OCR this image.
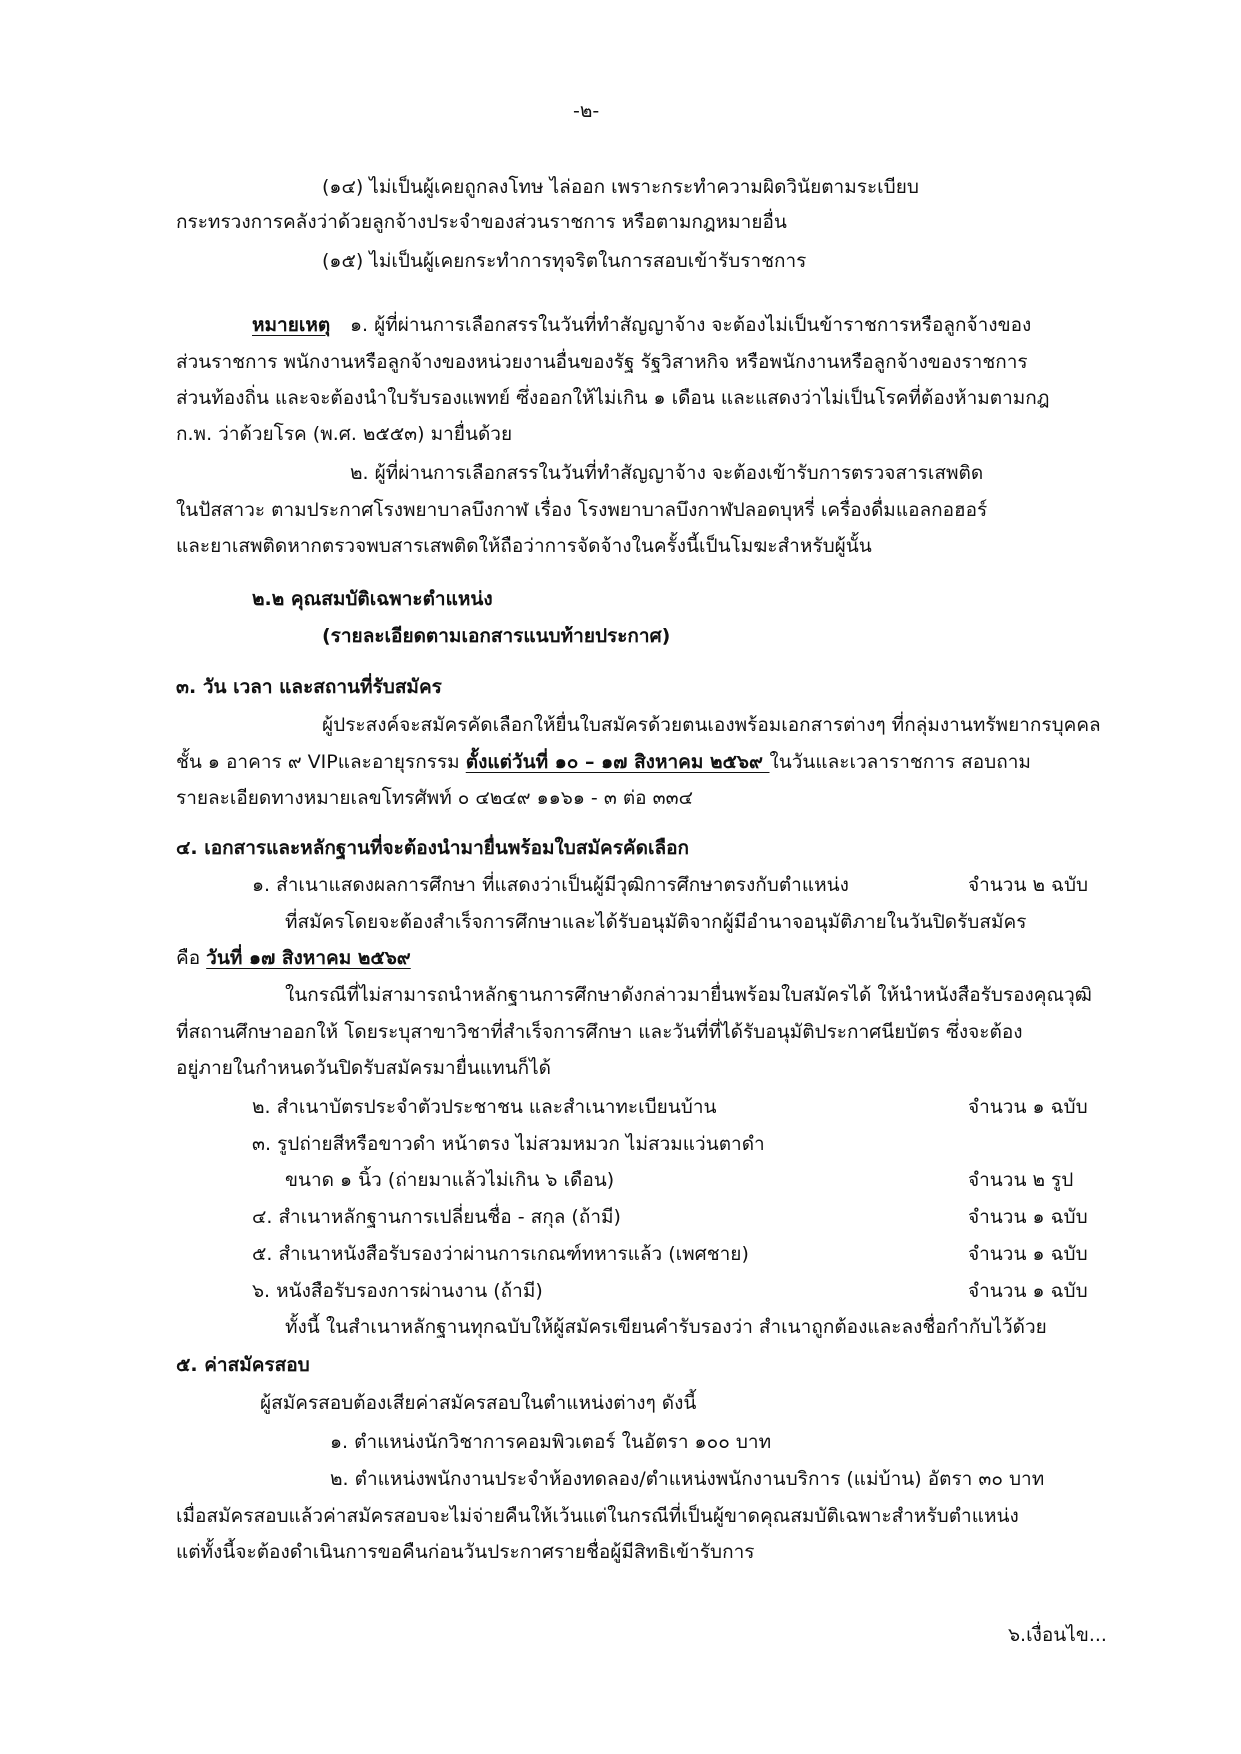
-๒-
(๑๔) ไม่เป็นผู้เคยถูกลงโทษ ไล่ออก เพราะกระทำความผิดวินัยตามระเบียบ
กระทรวงการคลังว่าด้วยลูกจ้างประจำของส่วนราชการ หรือตามกฎหมายอื่น
(๑๕) ไม่เป็นผู้เคยกระทำการทุจริตในการสอบเข้ารับราชการ
หมายเหตุ ๑. ผู้ที่ผ่านการเลือกสรรในวันที่ทำสัญญาจ้าง จะต้องไม่เป็นข้าราชการหรือลูกจ้างของ
ส่วนราชการ พนักงานหรือลูกจ้างของหน่วยงานอื่นของรัฐ รัฐวิสาหกิจ หรือพนักงานหรือลูกจ้างของราชการ
ส่วนท้องถิ่น และจะต้องนำใบรับรองแพทย์ ซึ่งออกให้ไม่เกิน ๑ เดือน และแสดงว่าไม่เป็นโรคที่ต้องห้ามตามกฎ
ก.พ. ว่าด้วยโรค (พ.ศ. ๒๕๕๓) มายื่นด้วย
๒. ผู้ที่ผ่านการเลือกสรรในวันที่ทำสัญญาจ้าง จะต้องเข้ารับการตรวจสารเสพติด
ในปัสสาวะ ตามประกาศโรงพยาบาลบึงกาฬ เรื่อง โรงพยาบาลบึงกาฬปลอดบุหรี่ เครื่องดื่มแอลกอฮอร์
และยาเสพติดหากตรวจพบสารเสพติดให้ถือว่าการจัดจ้างในครั้งนี้เป็นโมฆะสำหรับผู้นั้น
๒.๒ คุณสมบัติเฉพาะตำแหน่ง
(รายละเอียดตามเอกสารแนบท้ายประกาศ)
๓. วัน เวลา และสถานที่รับสมัคร
ผู้ประสงค์จะสมัครคัดเลือกให้ยื่นใบสมัครด้วยตนเองพร้อมเอกสารต่างๆ ที่กลุ่มงานทรัพยากรบุคคล
ชั้น ๑ อาคาร ๙ VIPและอายุรกรรม ตั้งแต่วันที่ ๑๐ – ๑๗ สิงหาคม ๒๕๖๙ ในวันและเวลาราชการ สอบถาม
รายละเอียดทางหมายเลขโทรศัพท์ ๐ ๔๒๔๙ ๑๑๖๑ - ๓ ต่อ ๓๓๔
๔. เอกสารและหลักฐานที่จะต้องนำมายื่นพร้อมใบสมัครคัดเลือก
๑. สำเนาแสดงผลการศึกษา ที่แสดงว่าเป็นผู้มีวุฒิการศึกษาตรงกับตำแหน่ง	จำนวน ๒ ฉบับ
ที่สมัครโดยจะต้องสำเร็จการศึกษาและได้รับอนุมัติจากผู้มีอำนาจอนุมัติภายในวันปิดรับสมัคร
คือ วันที่ ๑๗ สิงหาคม ๒๕๖๙
ในกรณีที่ไม่สามารถนำหลักฐานการศึกษาดังกล่าวมายื่นพร้อมใบสมัครได้ ให้นำหนังสือรับรองคุณวุฒิ
ที่สถานศึกษาออกให้ โดยระบุสาขาวิชาที่สำเร็จการศึกษา และวันที่ที่ได้รับอนุมัติประกาศนียบัตร ซึ่งจะต้อง
อยู่ภายในกำหนดวันปิดรับสมัครมายื่นแทนก็ได้
๒. สำเนาบัตรประจำตัวประชาชน และสำเนาทะเบียนบ้าน	จำนวน ๑ ฉบับ
๓. รูปถ่ายสีหรือขาวดำ หน้าตรง ไม่สวมหมวก ไม่สวมแว่นตาดำ
ขนาด ๑ นิ้ว (ถ่ายมาแล้วไม่เกิน ๖ เดือน)	จำนวน ๒ รูป
๔. สำเนาหลักฐานการเปลี่ยนชื่อ - สกุล (ถ้ามี)	จำนวน ๑ ฉบับ
๕. สำเนาหนังสือรับรองว่าผ่านการเกณฑ์ทหารแล้ว (เพศชาย)	จำนวน ๑ ฉบับ
๖. หนังสือรับรองการผ่านงาน (ถ้ามี)	จำนวน ๑ ฉบับ
ทั้งนี้ ในสำเนาหลักฐานทุกฉบับให้ผู้สมัครเขียนคำรับรองว่า สำเนาถูกต้องและลงชื่อกำกับไว้ด้วย
๕. ค่าสมัครสอบ
ผู้สมัครสอบต้องเสียค่าสมัครสอบในตำแหน่งต่างๆ ดังนี้
๑. ตำแหน่งนักวิชาการคอมพิวเตอร์ ในอัตรา ๑๐๐ บาท
๒. ตำแหน่งพนักงานประจำห้องทดลอง/ตำแหน่งพนักงานบริการ (แม่บ้าน) อัตรา ๓๐ บาท
เมื่อสมัครสอบแล้วค่าสมัครสอบจะไม่จ่ายคืนให้เว้นแต่ในกรณีที่เป็นผู้ขาดคุณสมบัติเฉพาะสำหรับตำแหน่ง
แต่ทั้งนี้จะต้องดำเนินการขอคืนก่อนวันประกาศรายชื่อผู้มีสิทธิเข้ารับการ
๖.เงื่อนไข...
